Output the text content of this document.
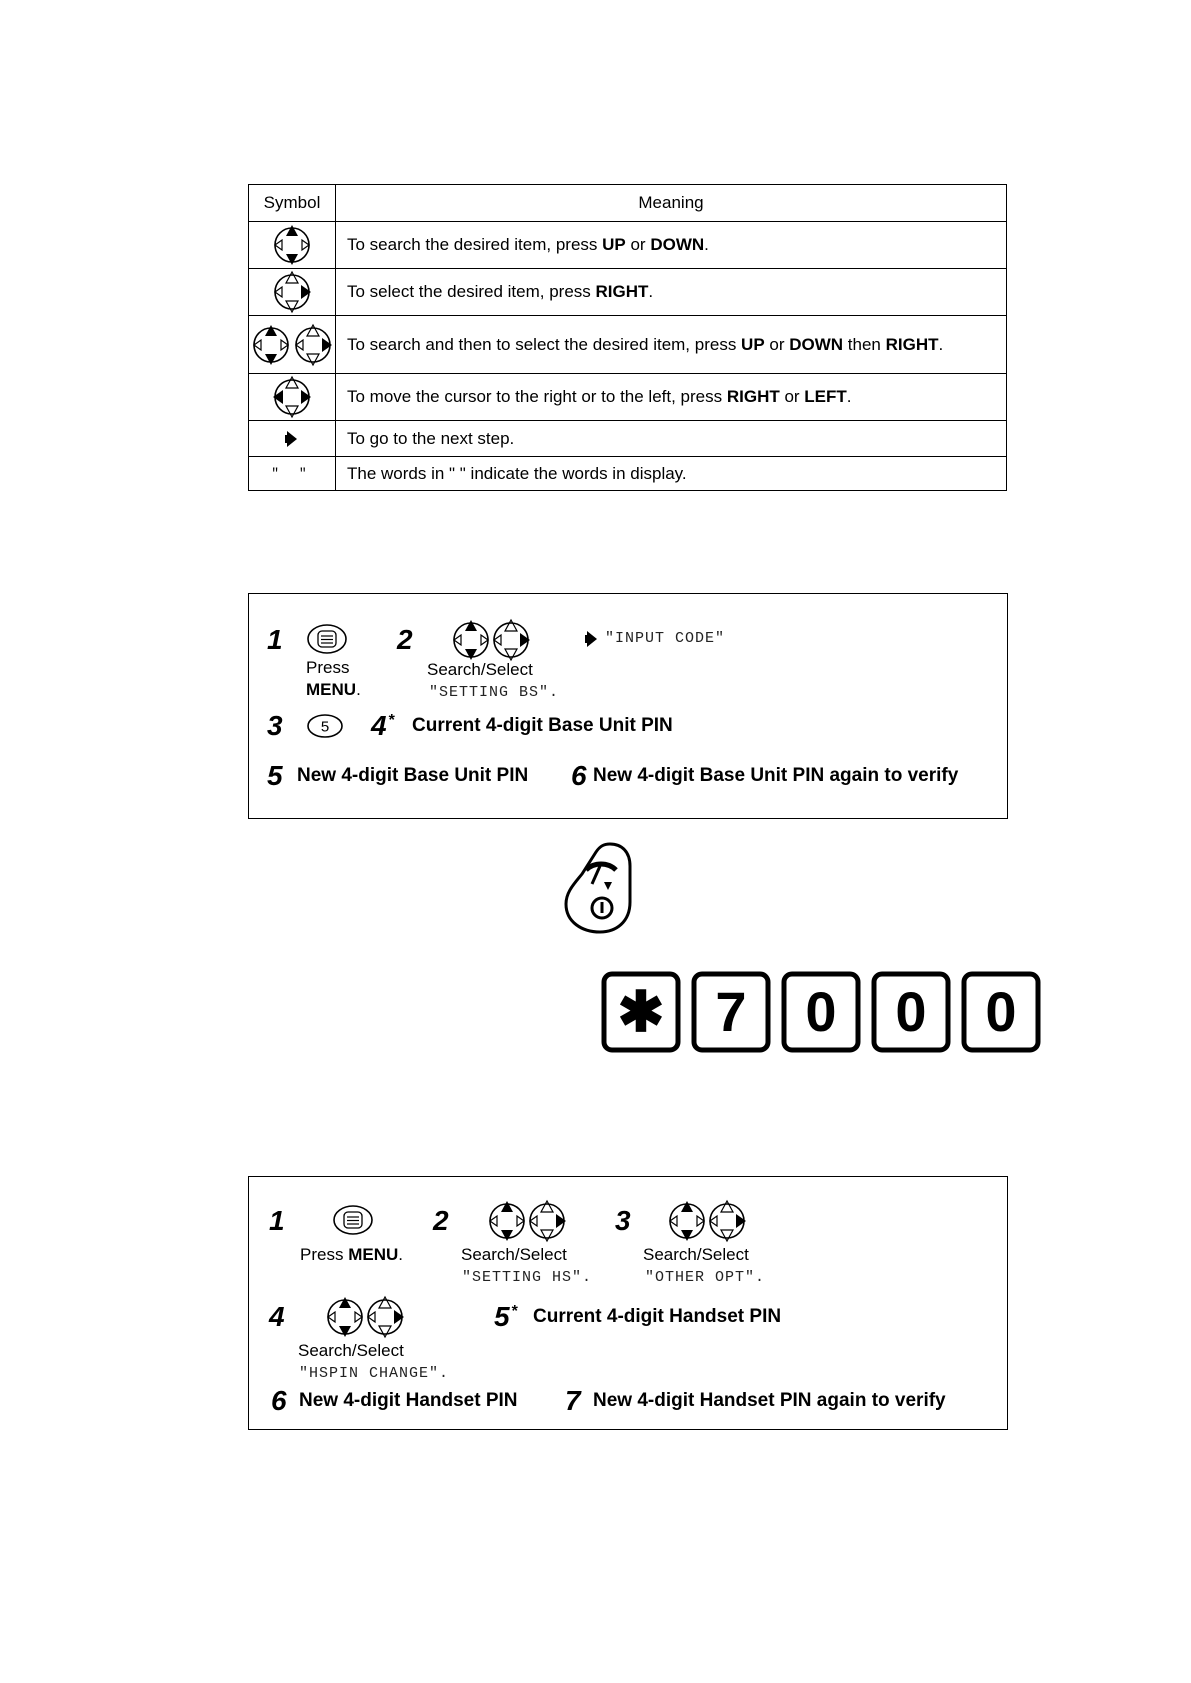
Symbol	Meaning

	To search the desired item, press UP or DOWN.

	To select the desired item, press RIGHT.

	To search and then to select the desired item, press UP or DOWN then RIGHT.

	To move the cursor to the right or to the left, press RIGHT or LEFT.

	To go to the next step.
" "	The words in " " indicate the words in display.
1
Press
MENU.
2
Search/Select
"SETTING BS".
"INPUT CODE"
3	5 4 * Current 4-digit Base Unit PIN
5 New 4-digit Base Unit PIN 6 New 4-digit Base Unit PIN again to verify
✱ 7 0 0 0
1
Press MENU.
2
Search/Select
"SETTING HS".
3
Search/Select
"OTHER OPT".
4
Search/Select
"HSPIN CHANGE".
5 * Current 4-digit Handset PIN
6 New 4-digit Handset PIN 7 New 4-digit Handset PIN again to verify
